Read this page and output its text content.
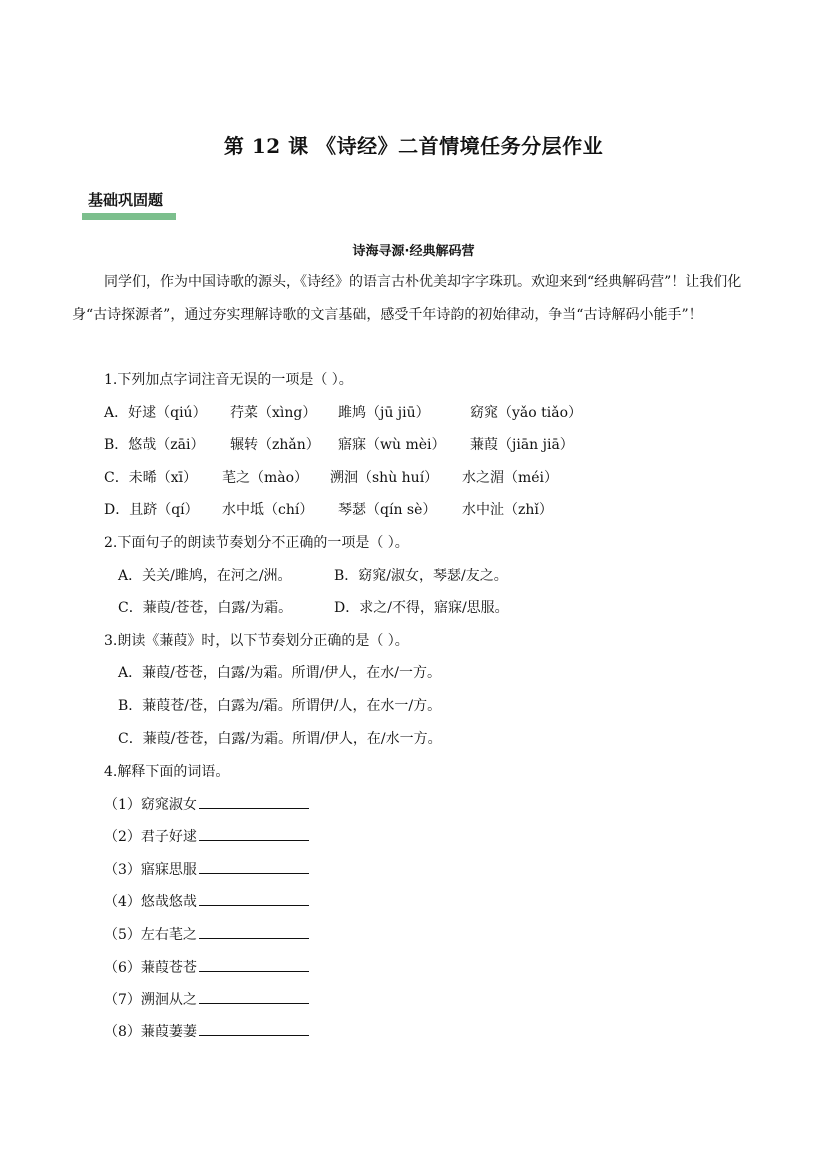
第 12 课 《诗经》二首情境任务分层作业
基础巩固题
诗海寻源·经典解码营
同学们，作为中国诗歌的源头，《诗经》的语言古朴优美却字字珠玑。欢迎来到“经典解码营”！让我们化身“古诗探源者”，通过夯实理解诗歌的文言基础，感受千年诗韵的初始律动，争当“古诗解码小能手”！
1.下列加点字词注音无误的一项是（ ）。
A．好逑（qiú） 荇菜（xìng） 雎鸠（jū jiū）	窈窕（yǎo tiǎo）
B．悠哉（zāi） 辗转（zhǎn） 寤寐（wù mèi） 蒹葭（jiān jiā）
C．未晞（xī） 芼之（mào） 溯洄（shù huí） 水之湄（méi）
D．且跻（qí） 水中坻（chí） 琴瑟（qín sè） 水中沚（zhǐ）
2.下面句子的朗读节奏划分不正确的一项是（ ）。
A．关关/雎鸠，在河之/洲。	B．窈窕/淑女，琴瑟/友之。
C．蒹葭/苍苍，白露/为霜。	D．求之/不得，寤寐/思服。
3.朗读《蒹葭》时，以下节奏划分正确的是（ ）。
A．蒹葭/苍苍，白露/为霜。所谓/伊人，在水/一方。
B．蒹葭苍/苍，白露为/霜。所谓伊/人，在水一/方。
C．蒹葭/苍苍，白露/为霜。所谓/伊人，在/水一方。
4.解释下面的词语。
（1）窈窕淑女
（2）君子好逑
（3）寤寐思服
（4）悠哉悠哉
（5）左右芼之
（6）蒹葭苍苍
（7）溯洄从之
（8）蒹葭萋萋
